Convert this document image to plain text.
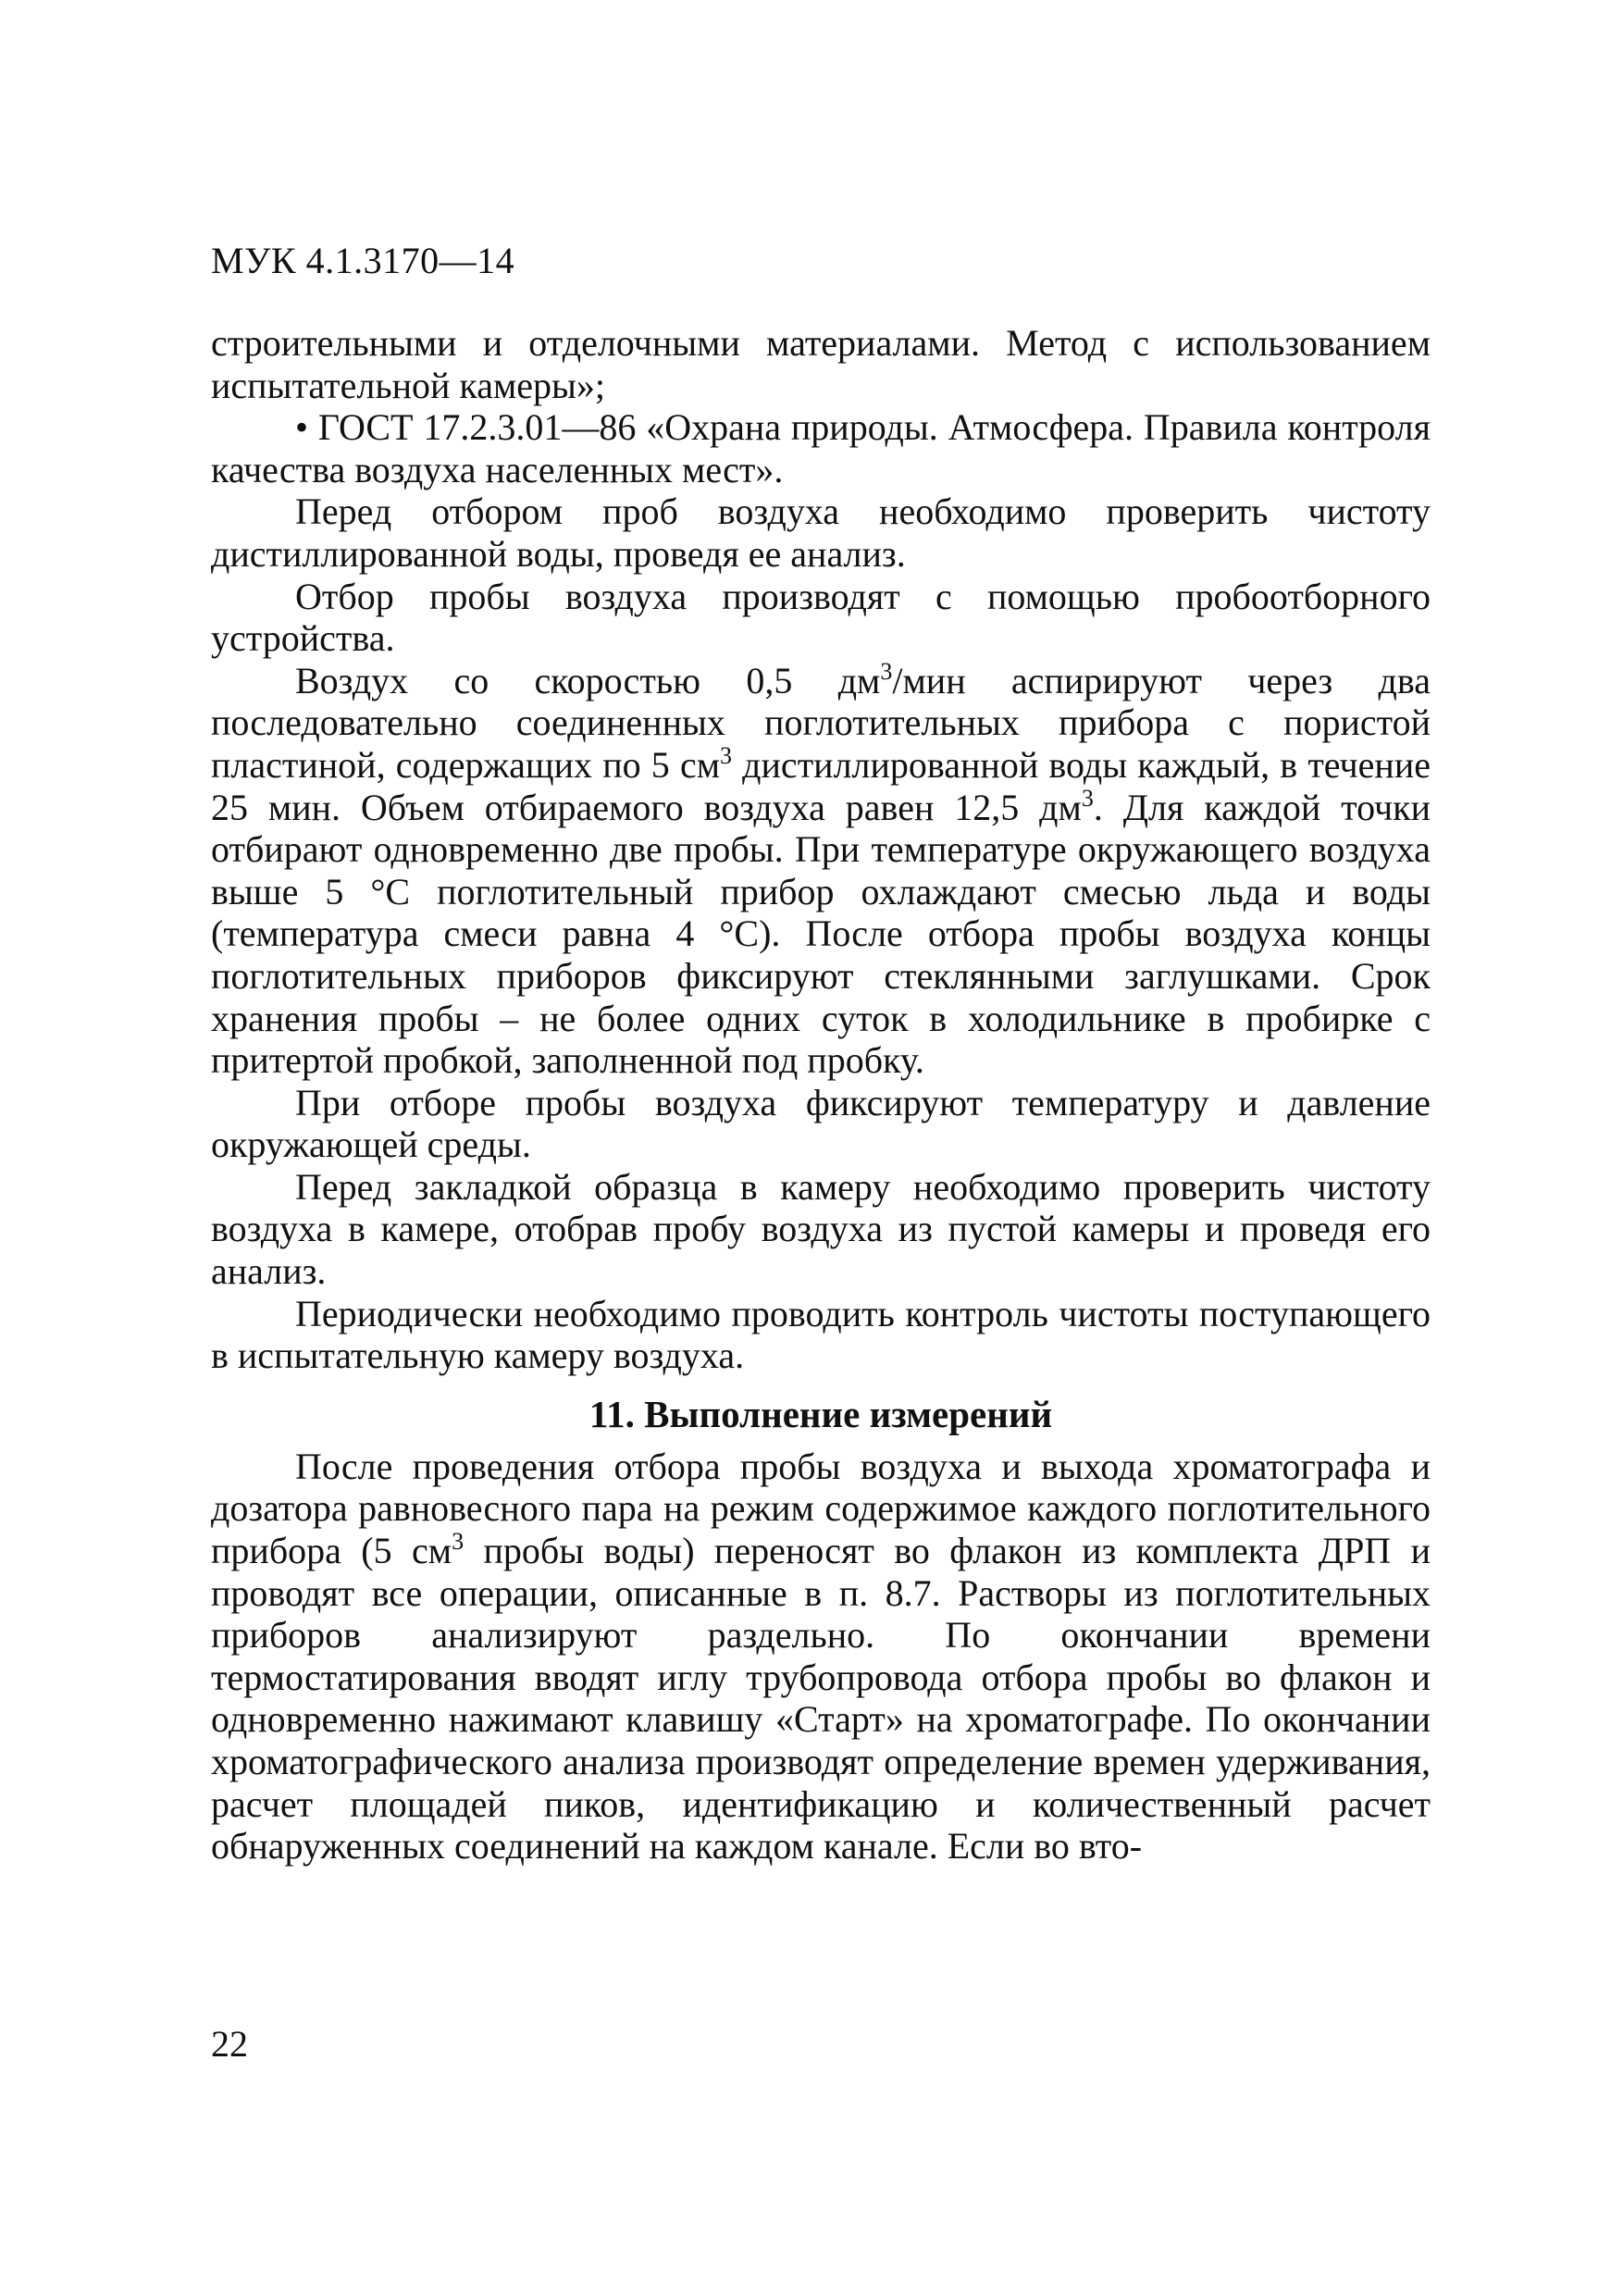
МУК 4.1.3170—14

строительными и отделочными материалами. Метод с использованием испытательной камеры»;

• ГОСТ 17.2.3.01—86 «Охрана природы. Атмосфера. Правила контроля качества воздуха населенных мест».

Перед отбором проб воздуха необходимо проверить чистоту дистиллированной воды, проведя ее анализ.

Отбор пробы воздуха производят с помощью пробоотборного устройства.

Воздух со скоростью 0,5 $дм^3$/мин аспирируют через два последовательно соединенных поглотительных прибора с пористой пластиной, содержащих по 5 $см^3$ дистиллированной воды каждый, в течение 25 мин. Объем отбираемого воздуха равен 12,5 $дм^3$. Для каждой точки отбирают одновременно две пробы. При температуре окружающего воздуха выше 5 °С поглотительный прибор охлаждают смесью льда и воды (температура смеси равна 4 °С). После отбора пробы воздуха концы поглотительных приборов фиксируют стеклянными заглушками. Срок хранения пробы – не более одних суток в холодильнике в пробирке с притертой пробкой, заполненной под пробку.

При отборе пробы воздуха фиксируют температуру и давление окружающей среды.

Перед закладкой образца в камеру необходимо проверить чистоту воздуха в камере, отобрав пробу воздуха из пустой камеры и проведя его анализ.

Периодически необходимо проводить контроль чистоты поступающего в испытательную камеру воздуха.

11. Выполнение измерений

После проведения отбора пробы воздуха и выхода хроматографа и дозатора равновесного пара на режим содержимое каждого поглотительного прибора (5 $см^3$ пробы воды) переносят во флакон из комплекта ДРП и проводят все операции, описанные в п. 8.7. Растворы из поглотительных приборов анализируют раздельно. По окончании времени термостатирования вводят иглу трубопровода отбора пробы во флакон и одновременно нажимают клавишу «Старт» на хроматографе. По окончании хроматографического анализа производят определение времен удерживания, расчет площадей пиков, идентификацию и количественный расчет обнаруженных соединений на каждом канале. Если во вто-

22
